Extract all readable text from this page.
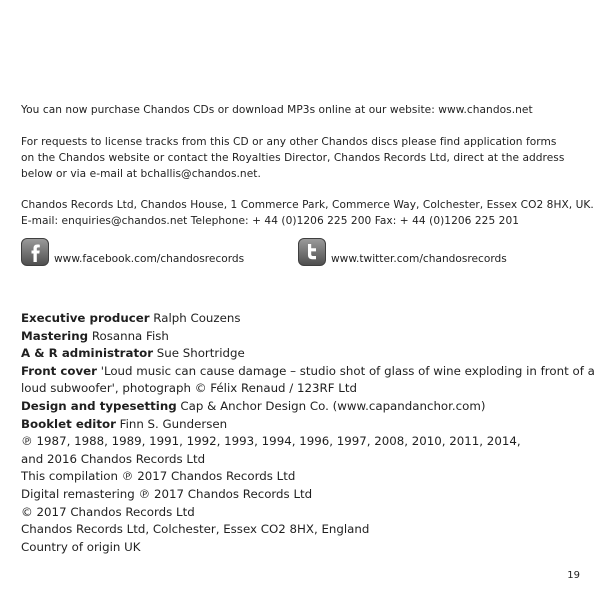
You can now purchase Chandos CDs or download MP3s online at our website: www.chandos.net
For requests to license tracks from this CD or any other Chandos discs please find application forms
on the Chandos website or contact the Royalties Director, Chandos Records Ltd, direct at the address
below or via e-mail at bchallis@chandos.net.
Chandos Records Ltd, Chandos House, 1 Commerce Park, Commerce Way, Colchester, Essex CO2 8HX, UK.
E-mail: enquiries@chandos.net Telephone: + 44 (0)1206 225 200 Fax: + 44 (0)1206 225 201
www.facebook.com/chandosrecords	www.twitter.com/chandosrecords
Executive producer Ralph Couzens
Mastering Rosanna Fish
A & R administrator Sue Shortridge
Front cover 'Loud music can cause damage – studio shot of glass of wine exploding in front of a
loud subwoofer', photograph © Félix Renaud / 123RF Ltd
Design and typesetting Cap & Anchor Design Co. (www.capandanchor.com)
Booklet editor Finn S. Gundersen
℗ 1987, 1988, 1989, 1991, 1992, 1993, 1994, 1996, 1997, 2008, 2010, 2011, 2014,
and 2016 Chandos Records Ltd
This compilation ℗ 2017 Chandos Records Ltd
Digital remastering ℗ 2017 Chandos Records Ltd
© 2017 Chandos Records Ltd
Chandos Records Ltd, Colchester, Essex CO2 8HX, England
Country of origin UK
19
